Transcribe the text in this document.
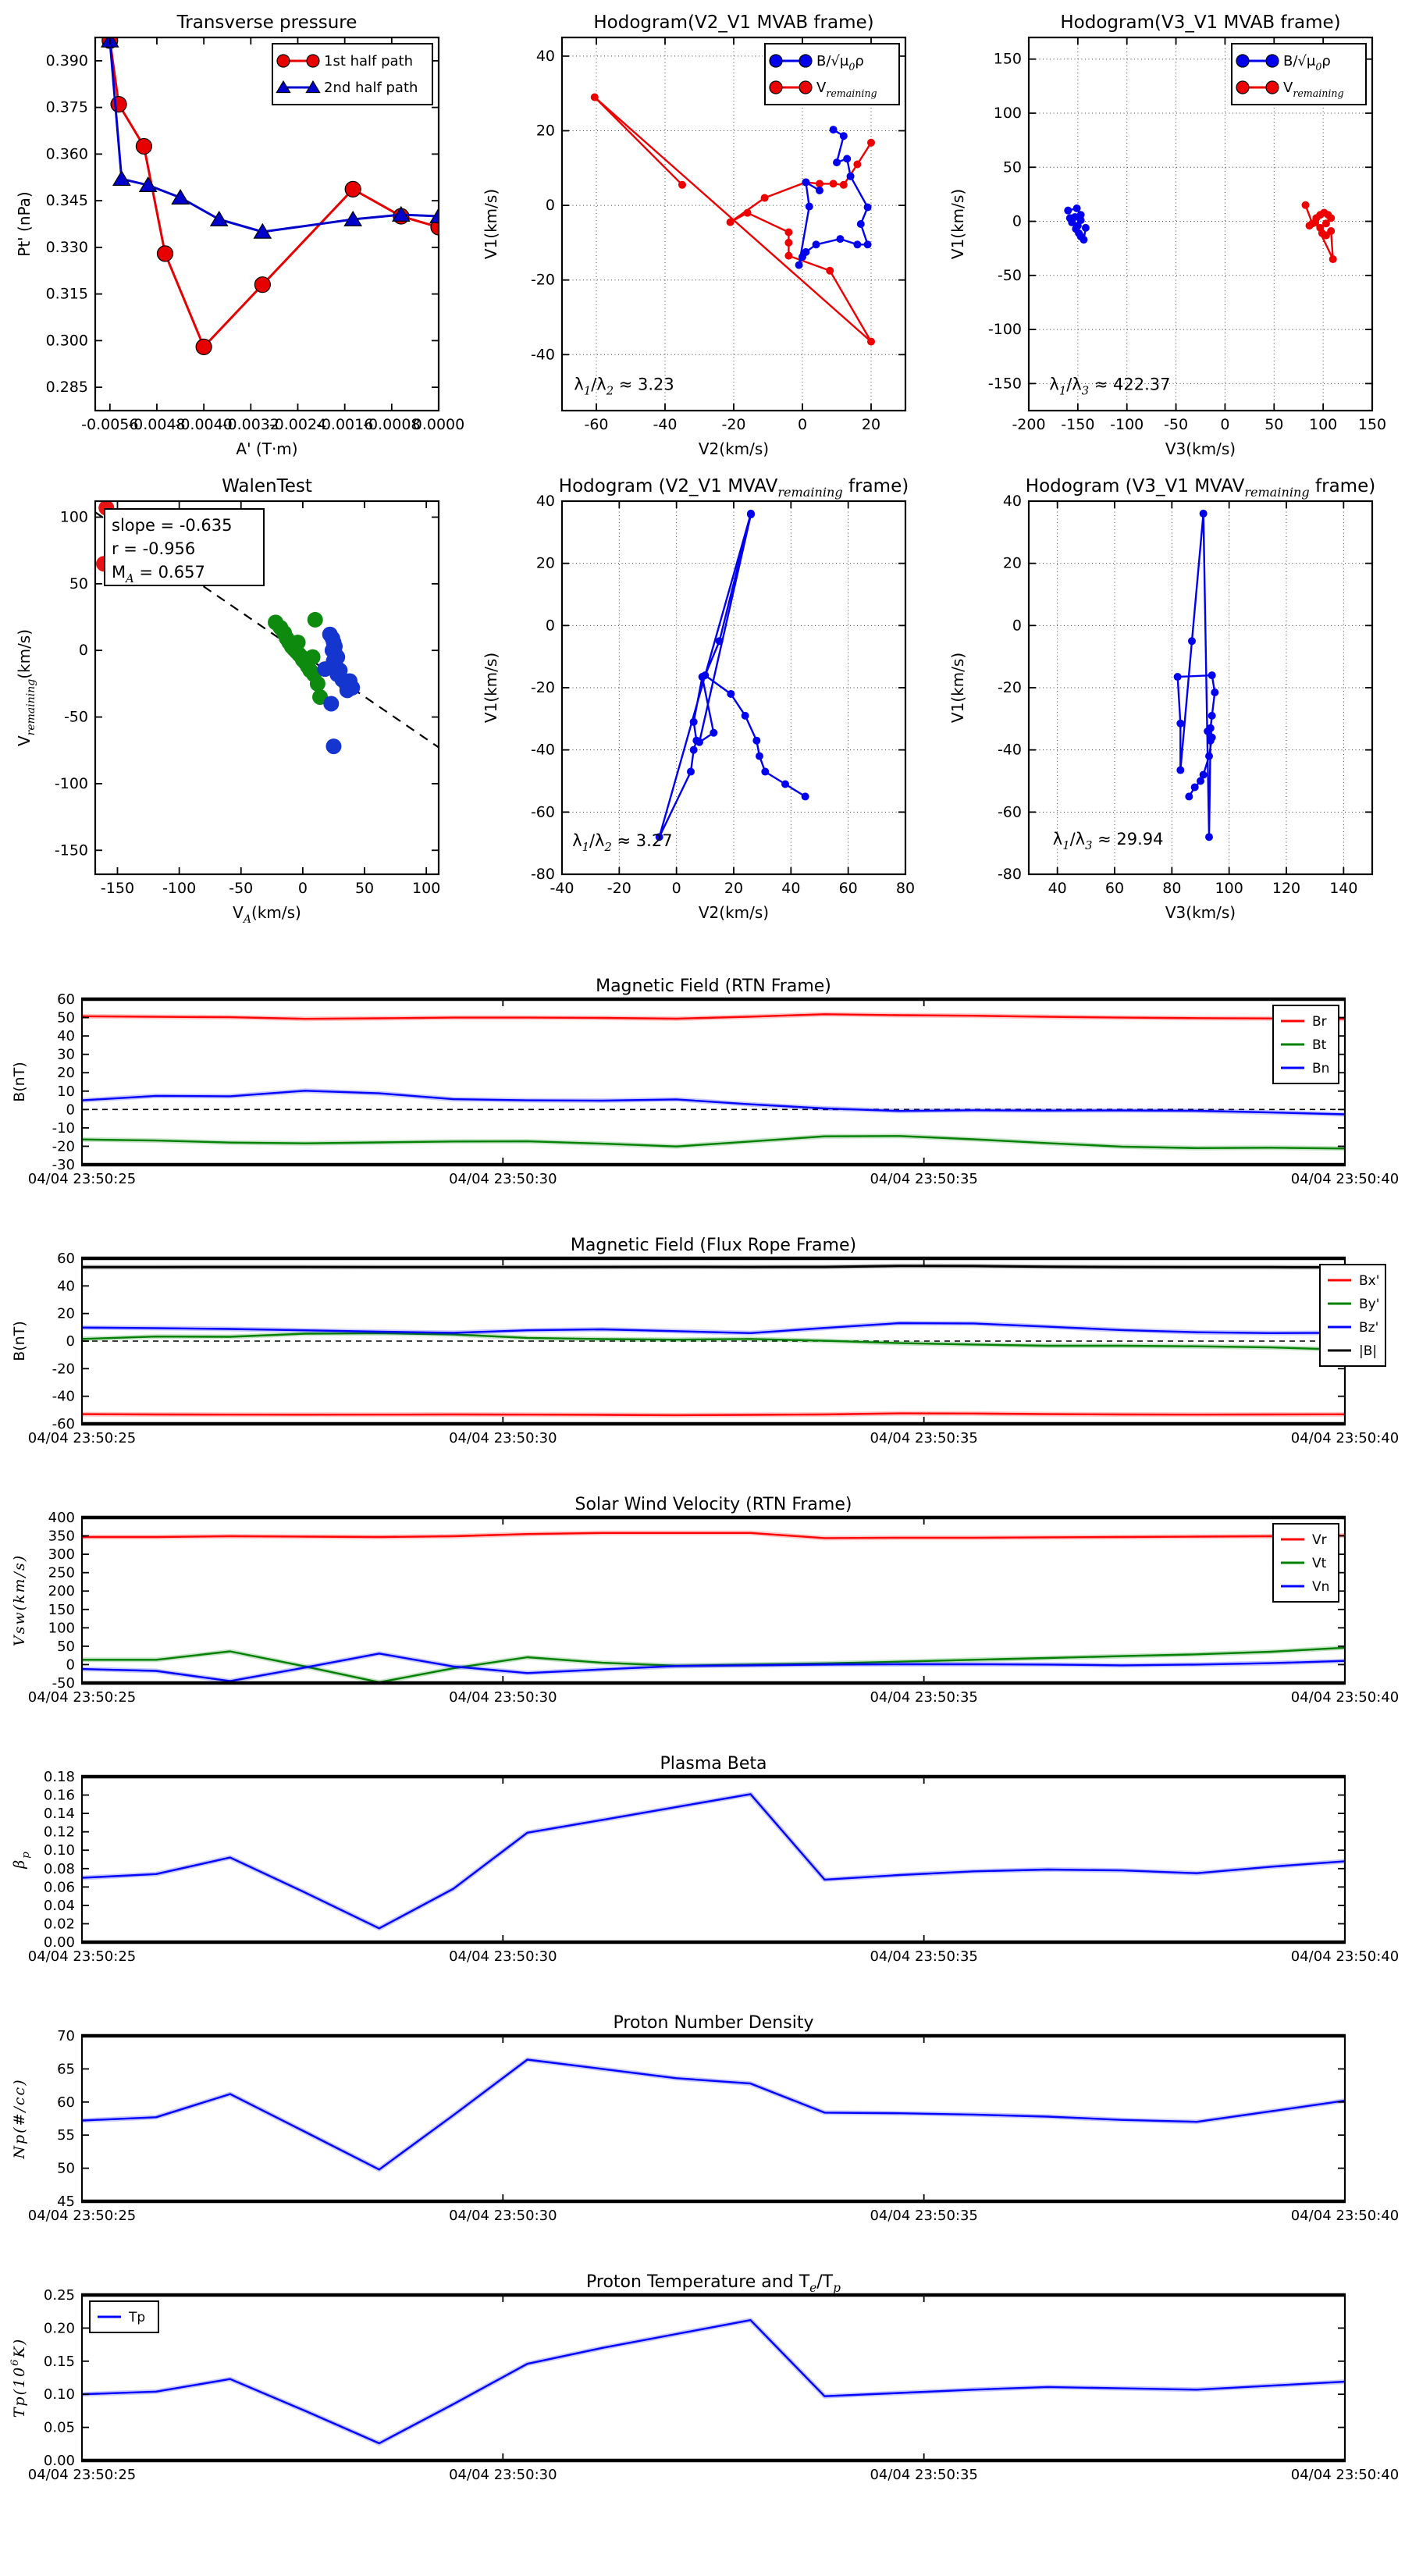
-0.0056
-0.0048
-0.0040
-0.0032
-0.0024
-0.0016
-0.0008
0.0000
0.285
0.300
0.315
0.330
0.345
0.360
0.375
0.390
Transverse pressure
A' (T·m)
Pt' (nPa)
1st half path
2nd half path
-60	-40	-20	0	20
-40
-20
0
20
40
Hodogram(V2_V1 MVAB frame)
V2(km/s)
V1(km/s)
$B/√\mu_0\rho$
$V_{remaining}$
$\lambda_1/\lambda_2 \approx 3.23$
-200 -150 -100 -50 0 50 100 150
-150
-100
-50
0
50
100
150
Hodogram(V3_V1 MVAB frame)
V3(km/s)
V1(km/s)
$B/√\mu_0\rho$
$V_{remaining}$
$\lambda_1/\lambda_3 \approx 422.37$
-150 -100 -50	0	50	100
-150
-100
-50
0
50
100
WalenTest
$V_A(km/s)$
$V_{remaining}(km/s)$
slope = -0.635
r = -0.956
$M_A = 0.657$
-40 -20	0	20	40	60	80
-80
-60
-40
-20
0
20
40
Hodogram (V2_V1 $MVAV_{remaining}$ frame)
V2(km/s)
V1(km/s)
$\lambda_1/\lambda_2 \approx 3.27$
40	60	80 100 120 140
-80
-60
-40
-20
0
20
40
Hodogram (V3_V1 $MVAV_{remaining}$ frame)
V3(km/s)
V1(km/s)
$\lambda_1/\lambda_3 \approx 29.94$
04/04 23:50:25	04/04 23:50:30	04/04 23:50:35	04/04 23:50:40
-30
-20
-10
0
10
20
30
40
50
60
Magnetic Field (RTN Frame)
B(nT)
Br
Bt
Bn
04/04 23:50:25	04/04 23:50:30	04/04 23:50:35	04/04 23:50:40
-60
-40
-20
0
20
40
60
Magnetic Field (Flux Rope Frame)
B(nT)
Bx'
By'
Bz'
|B|
04/04 23:50:25	04/04 23:50:30	04/04 23:50:35	04/04 23:50:40
-50
0
50
100
150
200
250
300
350
400
Solar Wind Velocity (RTN Frame)
Vsw(km/s)
Vr
Vt
Vn
04/04 23:50:25	04/04 23:50:30	04/04 23:50:35	04/04 23:50:40
0.00
0.02
0.04
0.06
0.08
0.10
0.12
0.14
0.16
0.18
Plasma Beta
$\beta_p$
04/04 23:50:25	04/04 23:50:30	04/04 23:50:35	04/04 23:50:40
45
50
55
60
65
70
Proton Number Density
Np(#/cc)
04/04 23:50:25	04/04 23:50:30	04/04 23:50:35	04/04 23:50:40
0.00
0.05
0.10
0.15
0.20
0.25
Proton Temperature and $T_e/T_p$
$Tp(10^6K)$
Tp
